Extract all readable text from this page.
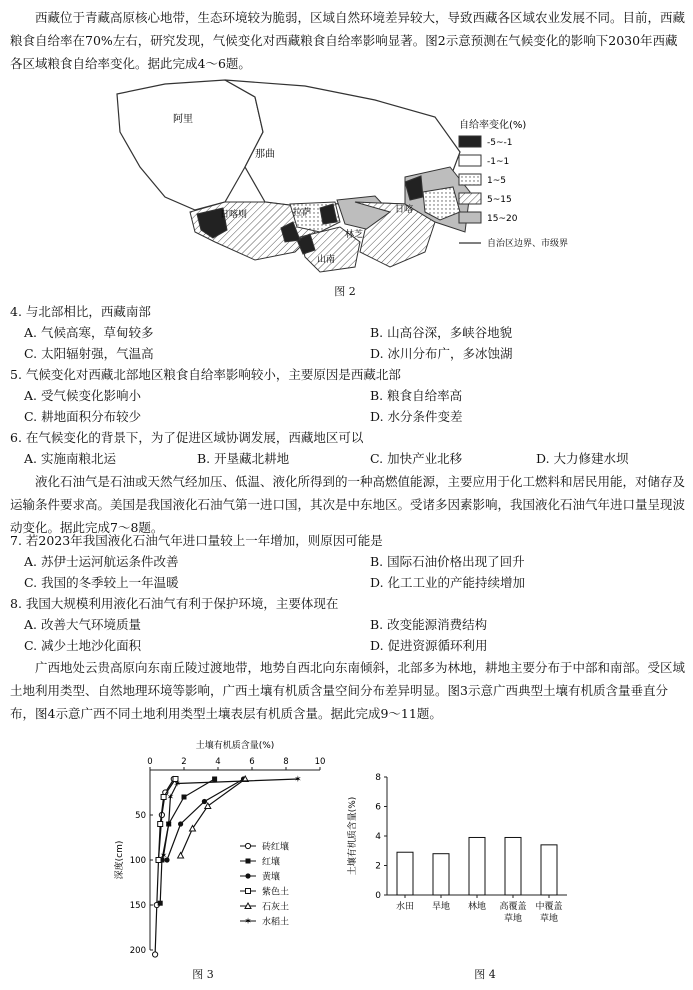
西藏位于青藏高原核心地带，生态环境较为脆弱，区域自然环境差异较大，导致西藏各区域农业发展不同。目前，西藏粮食自给率在70%左右，研究发现，气候变化对西藏粮食自给率影响显著。图2示意预测在气候变化的影响下2030年西藏各区域粮食自给率变化。据此完成4～6题。
阿里
那曲
日喀则	拉萨	日喀
林芝
山南
自给率变化(%)
-5~-1
-1~1
1~5
5~15
15~20
自治区边界、市级界
图 2
4. 与北部相比，西藏南部
A. 气候高寒，草甸较多	B. 山高谷深，多峡谷地貌
C. 太阳辐射强，气温高	D. 冰川分布广，多冰蚀湖
5. 气候变化对西藏北部地区粮食自给率影响较小，主要原因是西藏北部
A. 受气候变化影响小	B. 粮食自给率高
C. 耕地面积分布较少	D. 水分条件变差
6. 在气候变化的背景下，为了促进区域协调发展，西藏地区可以
A. 实施南粮北运	B. 开垦藏北耕地	C. 加快产业北移	D. 大力修建水坝
液化石油气是石油或天然气经加压、低温、液化所得到的一种高燃值能源，主要应用于化工燃料和居民用能，对储存及运输条件要求高。美国是我国液化石油气第一进口国，其次是中东地区。受诸多因素影响，我国液化石油气年进口量呈现波动变化。据此完成7～8题。
7. 若2023年我国液化石油气年进口量较上一年增加，则原因可能是
A. 苏伊士运河航运条件改善	B. 国际石油价格出现了回升
C. 我国的冬季较上一年温暖	D. 化工工业的产能持续增加
8. 我国大规模利用液化石油气有利于保护环境，主要体现在
A. 改善大气环境质量	B. 改变能源消费结构
C. 减少土地沙化面积	D. 促进资源循环利用
广西地处云贵高原向东南丘陵过渡地带，地势自西北向东南倾斜，北部多为林地，耕地主要分布于中部和南部。受区域土地利用类型、自然地理环境等影响，广西土壤有机质含量空间分布差异明显。图3示意广西典型土壤有机质含量垂直分布，图4示意广西不同土地利用类型土壤表层有机质含量。据此完成9～11题。
土壤有机质含量(%)
0	2	4	6	8	10
50
100
150
200
深度(cm)
✶
✶
✶
✶
✶
砖红壤
红壤
黄壤
紫色土
石灰土
✶ 水稻土
图 3
0
2
4
6
8
土壤有机质含量(%)
水田 旱地 林地 高覆盖
草地
中覆盖
草地
图 4
